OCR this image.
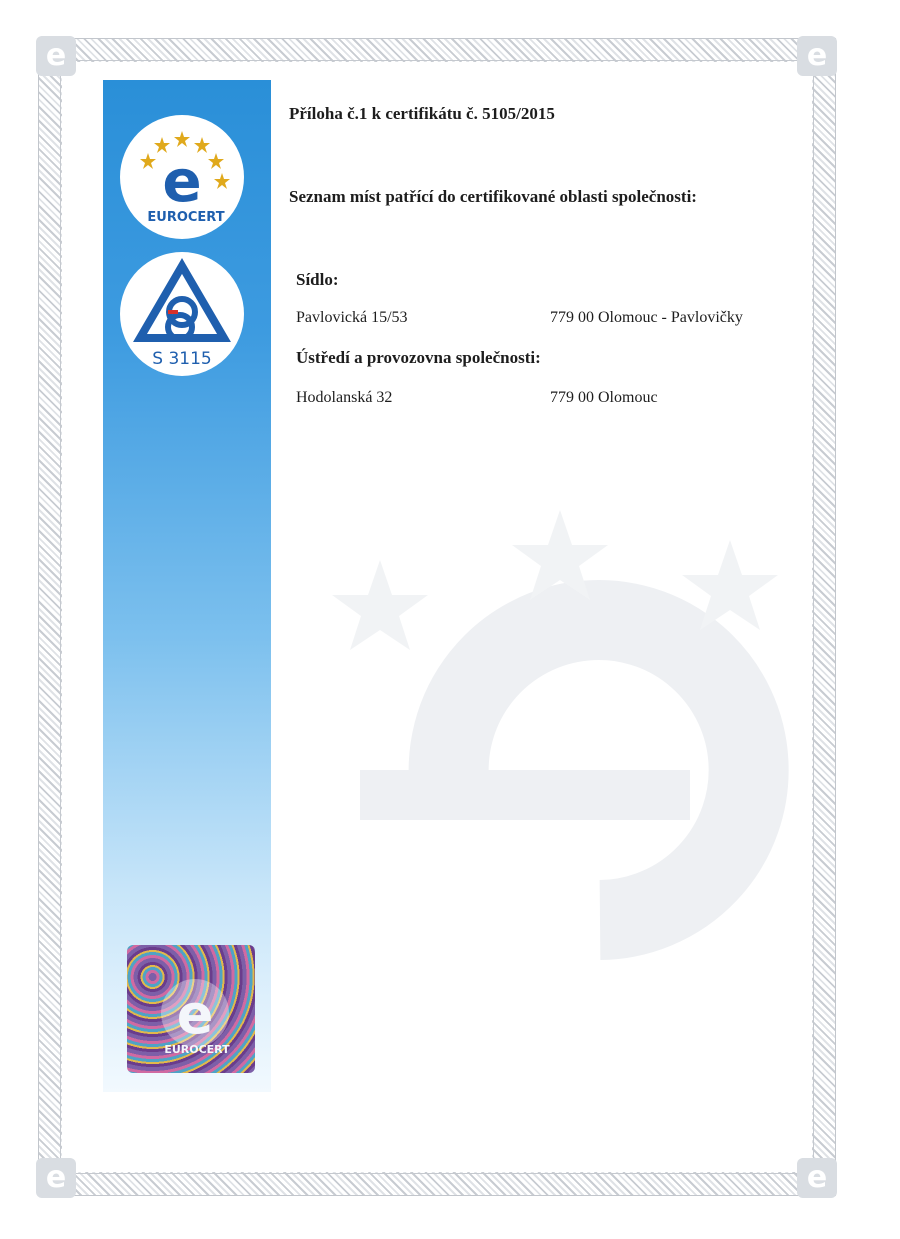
e	e
e	e
e
EUROCERT
S 3115
e
EUROCERT
Příloha č.1 k certifikátu č. 5105/2015
Seznam míst patřící do certifikované oblasti společnosti:
Sídlo:
Pavlovická 15/53	779 00 Olomouc - Pavlovičky
Ústředí a provozovna společnosti:
Hodolanská 32	779 00 Olomouc
